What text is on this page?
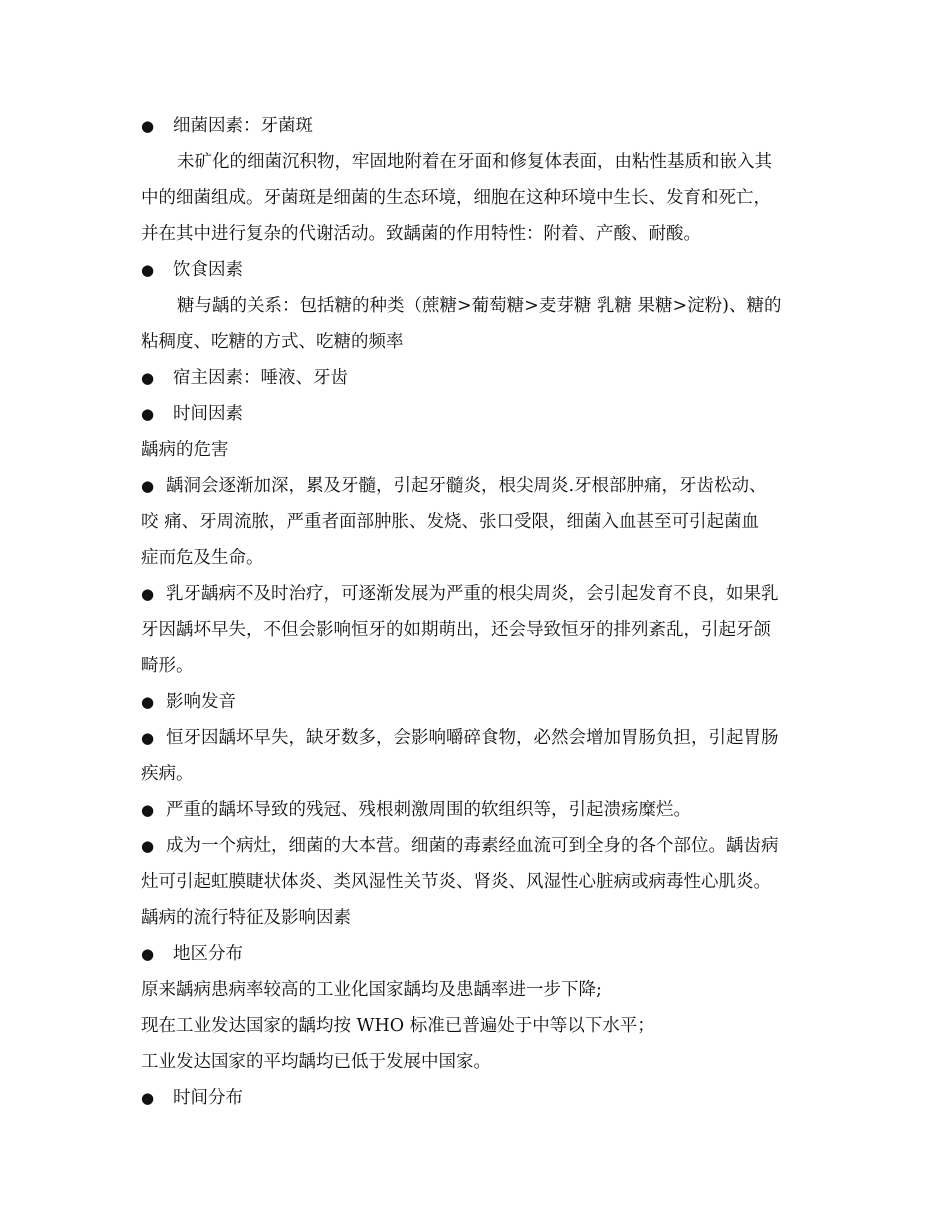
● 细菌因素：牙菌斑
未矿化的细菌沉积物，牢固地附着在牙面和修复体表面，由粘性基质和嵌入其
中的细菌组成。牙菌斑是细菌的生态环境，细胞在这种环境中生长、发育和死亡，
并在其中进行复杂的代谢活动。致龋菌的作用特性：附着、产酸、耐酸。
● 饮食因素
糖与龋的关系：包括糖的种类（蔗糖>葡萄糖>麦芽糖 乳糖 果糖>淀粉)、糖的
粘稠度、吃糖的方式、吃糖的频率
● 宿主因素：唾液、牙齿
● 时间因素
龋病的危害
● 龋洞会逐渐加深，累及牙髓，引起牙髓炎，根尖周炎.牙根部肿痛，牙齿松动、
咬 痛、牙周流脓，严重者面部肿胀、发烧、张口受限，细菌入血甚至可引起菌血
症而危及生命。
● 乳牙龋病不及时治疗，可逐渐发展为严重的根尖周炎，会引起发育不良，如果乳
牙因龋坏早失，不但会影响恒牙的如期萌出，还会导致恒牙的排列紊乱，引起牙颌
畸形。
● 影响发音
● 恒牙因龋坏早失，缺牙数多，会影响嚼碎食物，必然会增加胃肠负担，引起胃肠
疾病。
● 严重的龋坏导致的残冠、残根刺激周围的软组织等，引起溃疡糜烂。
● 成为一个病灶，细菌的大本营。细菌的毒素经血流可到全身的各个部位。龋齿病
灶可引起虹膜睫状体炎、类风湿性关节炎、肾炎、风湿性心脏病或病毒性心肌炎。
龋病的流行特征及影响因素
● 地区分布
原来龋病患病率较高的工业化国家龋均及患龋率进一步下降;
现在工业发达国家的龋均按 WHO 标准已普遍处于中等以下水平；
工业发达国家的平均龋均已低于发展中国家。
● 时间分布
